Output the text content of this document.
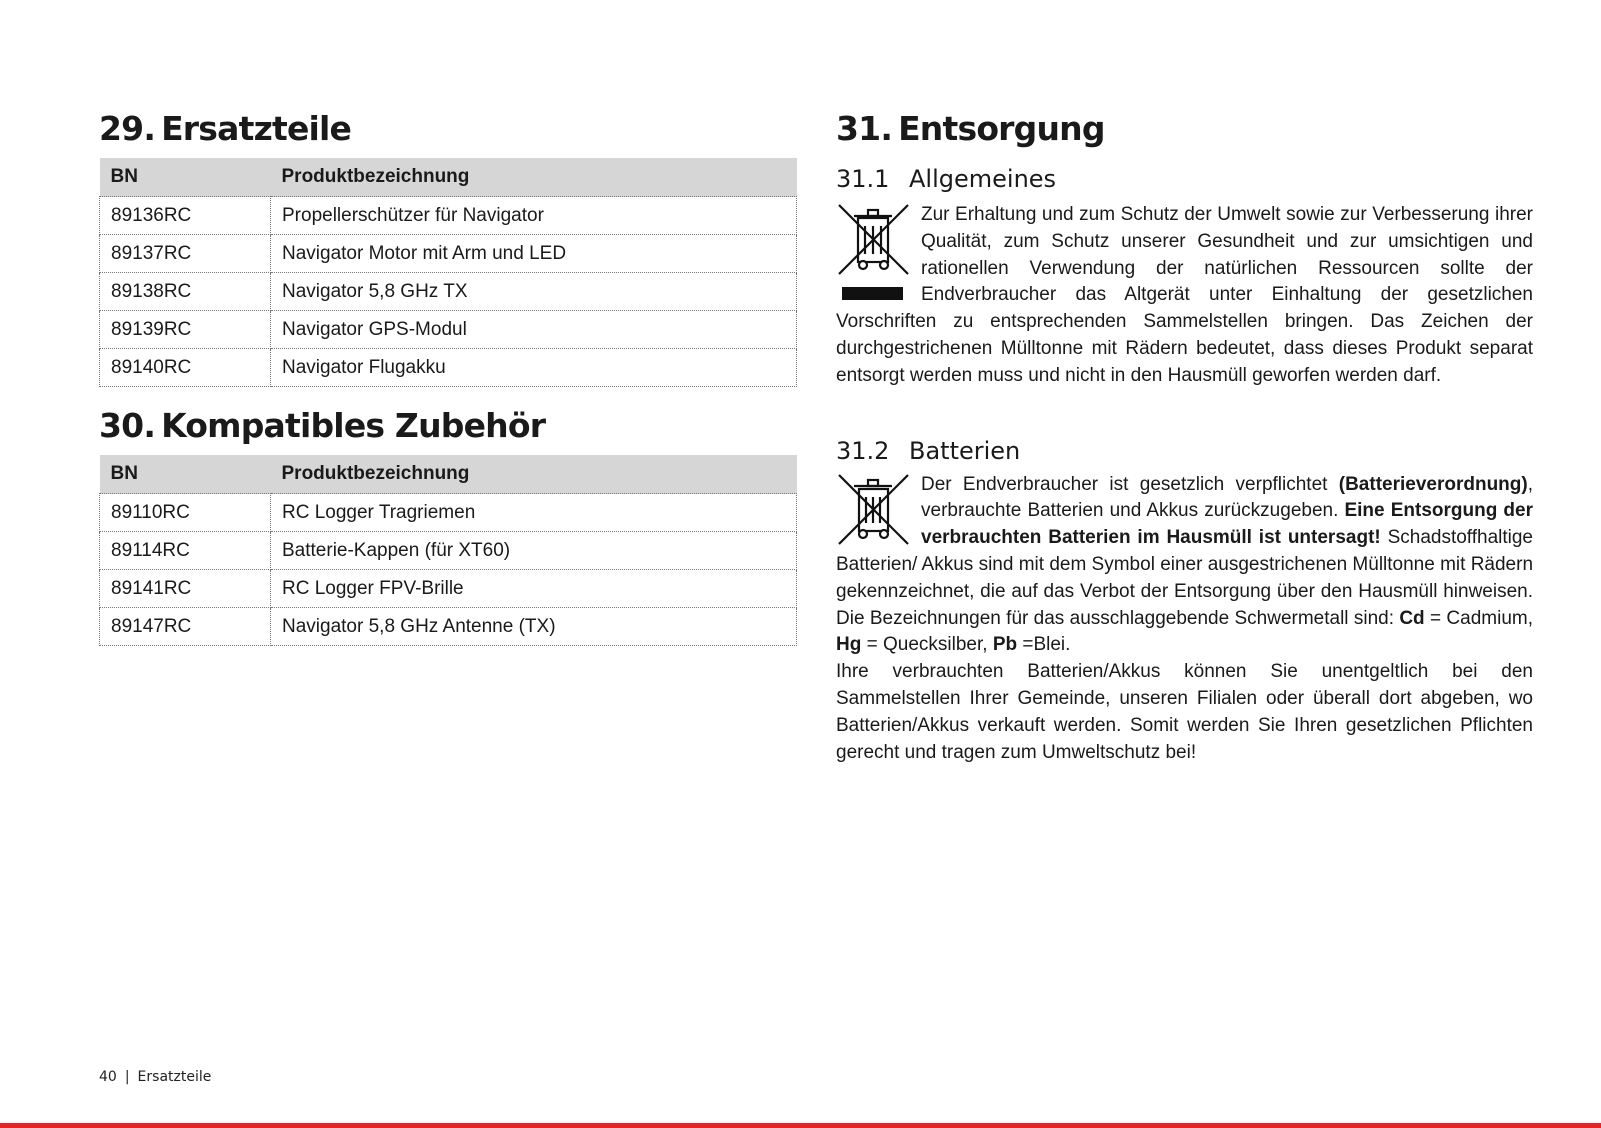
29. Ersatzteile
BN	Produktbezeichnung
89136RC	Propellerschützer für Navigator
89137RC	Navigator Motor mit Arm und LED
89138RC	Navigator 5,8 GHz TX
89139RC	Navigator GPS-Modul
89140RC	Navigator Flugakku
30. Kompatibles Zubehör
BN	Produktbezeichnung
89110RC	RC Logger Tragriemen
89114RC	Batterie-Kappen (für XT60)
89141RC	RC Logger FPV-Brille
89147RC	Navigator 5,8 GHz Antenne (TX)
31. Entsorgung
31.1 Allgemeines

Zur Erhaltung und zum Schutz der Umwelt sowie zur Verbesserung ihrer Qualität, zum Schutz unserer Gesundheit und zur umsichtigen und rationellen Verwendung der natürlichen Ressourcen sollte der Endverbraucher das Altgerät unter Einhaltung der gesetzlichen Vorschriften zu entsprechenden Sammelstellen bringen. Das Zeichen der durchgestrichenen Mülltonne mit Rädern bedeutet, dass dieses Produkt separat entsorgt werden muss und nicht in den Hausmüll geworfen werden darf.

31.2 Batterien

Der Endverbraucher ist gesetzlich verpflichtet (Batterieverordnung), verbrauchte Batterien und Akkus zurückzugeben. Eine Entsorgung der verbrauchten Batterien im Hausmüll ist untersagt! Schadstoffhaltige Batterien/ Akkus sind mit dem Symbol einer ausgestrichenen Mülltonne mit Rädern gekennzeichnet, die auf das Verbot der Entsorgung über den Hausmüll hinweisen. Die Bezeichnungen für das ausschlaggebende Schwermetall sind: Cd = Cadmium, Hg = Quecksilber, Pb =Blei.

Ihre verbrauchten Batterien/Akkus können Sie unentgeltlich bei den Sammelstellen Ihrer Gemeinde, unseren Filialen oder überall dort abgeben, wo Batterien/Akkus verkauft werden. Somit werden Sie Ihren gesetzlichen Pflichten gerecht und tragen zum Umweltschutz bei!

40 | Ersatzteile
